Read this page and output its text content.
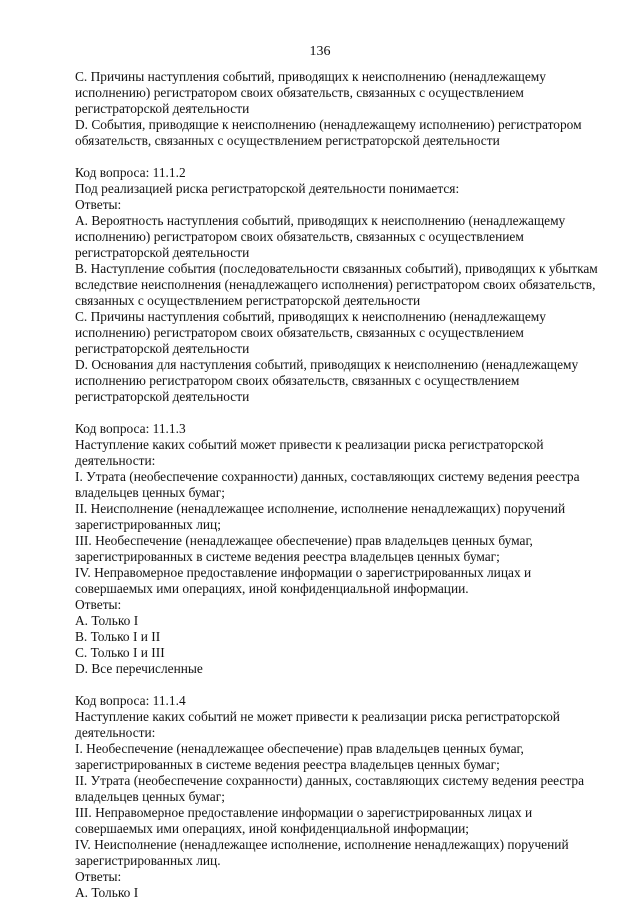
136
C. Причины наступления событий, приводящих к неисполнению (ненадлежащему
исполнению) регистратором своих обязательств, связанных с осуществлением
регистраторской деятельности
D. События, приводящие к неисполнению (ненадлежащему исполнению) регистратором
обязательств, связанных с осуществлением регистраторской деятельности
Код вопроса: 11.1.2
Под реализацией риска регистраторской деятельности понимается:
Ответы:
A. Вероятность наступления событий, приводящих к неисполнению (ненадлежащему
исполнению) регистратором своих обязательств, связанных с осуществлением
регистраторской деятельности
B. Наступление события (последовательности связанных событий), приводящих к убыткам
вследствие неисполнения (ненадлежащего исполнения) регистратором своих обязательств,
связанных с осуществлением регистраторской деятельности
C. Причины наступления событий, приводящих к неисполнению (ненадлежащему
исполнению) регистратором своих обязательств, связанных с осуществлением
регистраторской деятельности
D. Основания для наступления событий, приводящих к неисполнению (ненадлежащему
исполнению регистратором своих обязательств, связанных с осуществлением
регистраторской деятельности
Код вопроса: 11.1.3
Наступление каких событий может привести к реализации риска регистраторской
деятельности:
I. Утрата (необеспечение сохранности) данных, составляющих систему ведения реестра
владельцев ценных бумаг;
II. Неисполнение (ненадлежащее исполнение, исполнение ненадлежащих) поручений
зарегистрированных лиц;
III. Необеспечение (ненадлежащее обеспечение) прав владельцев ценных бумаг,
зарегистрированных в системе ведения реестра владельцев ценных бумаг;
IV. Неправомерное предоставление информации о зарегистрированных лицах и
совершаемых ими операциях, иной конфиденциальной информации.
Ответы:
A. Только I
B. Только I и II
C. Только I и III
D. Все перечисленные
Код вопроса: 11.1.4
Наступление каких событий не может привести к реализации риска регистраторской
деятельности:
I. Необеспечение (ненадлежащее обеспечение) прав владельцев ценных бумаг,
зарегистрированных в системе ведения реестра владельцев ценных бумаг;
II. Утрата (необеспечение сохранности) данных, составляющих систему ведения реестра
владельцев ценных бумаг;
III. Неправомерное предоставление информации о зарегистрированных лицах и
совершаемых ими операциях, иной конфиденциальной информации;
IV. Неисполнение (ненадлежащее исполнение, исполнение ненадлежащих) поручений
зарегистрированных лиц.
Ответы:
A. Только I
